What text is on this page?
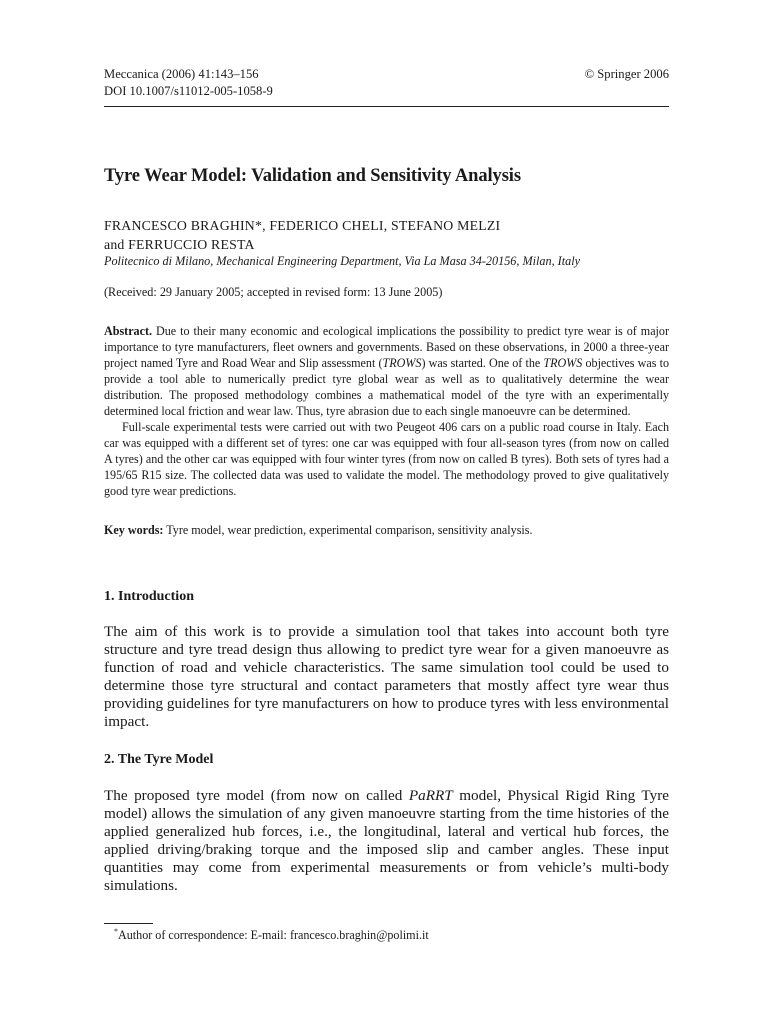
Meccanica (2006) 41:143–156
DOI 10.1007/s11012-005-1058-9
© Springer 2006
Tyre Wear Model: Validation and Sensitivity Analysis
FRANCESCO BRAGHIN*, FEDERICO CHELI, STEFANO MELZI
and FERRUCCIO RESTA
Politecnico di Milano, Mechanical Engineering Department, Via La Masa 34-20156, Milan, Italy
(Received: 29 January 2005; accepted in revised form: 13 June 2005)

Abstract. Due to their many economic and ecological implications the possibility to predict tyre wear is of major importance to tyre manufacturers, fleet owners and governments. Based on these observations, in 2000 a three-year project named Tyre and Road Wear and Slip assessment (TROWS) was started. One of the TROWS objectives was to provide a tool able to numerically predict tyre global wear as well as to qualitatively determine the wear distribution. The proposed methodology combines a mathematical model of the tyre with an experimentally determined local friction and wear law. Thus, tyre abrasion due to each single manoeuvre can be determined.

Full-scale experimental tests were carried out with two Peugeot 406 cars on a public road course in Italy. Each car was equipped with a different set of tyres: one car was equipped with four all-season tyres (from now on called A tyres) and the other car was equipped with four winter tyres (from now on called B tyres). Both sets of tyres had a 195/65 R15 size. The collected data was used to validate the model. The methodology proved to give qualitatively good tyre wear predictions.

Key words: Tyre model, wear prediction, experimental comparison, sensitivity analysis.
1. Introduction

The aim of this work is to provide a simulation tool that takes into account both tyre structure and tyre tread design thus allowing to predict tyre wear for a given manoeuvre as function of road and vehicle characteristics. The same simulation tool could be used to determine those tyre structural and contact parameters that mostly affect tyre wear thus providing guidelines for tyre manufacturers on how to produce tyres with less environmental impact.

2. The Tyre Model

The proposed tyre model (from now on called PaRRT model, Physical Rigid Ring Tyre model) allows the simulation of any given manoeuvre starting from the time histories of the applied generalized hub forces, i.e., the longitudinal, lateral and vertical hub forces, the applied driving/braking torque and the imposed slip and camber angles. These input quantities may come from experimental measurements or from vehicle’s multi-body simulations.

*Author of correspondence: E-mail: francesco.braghin@polimi.it
